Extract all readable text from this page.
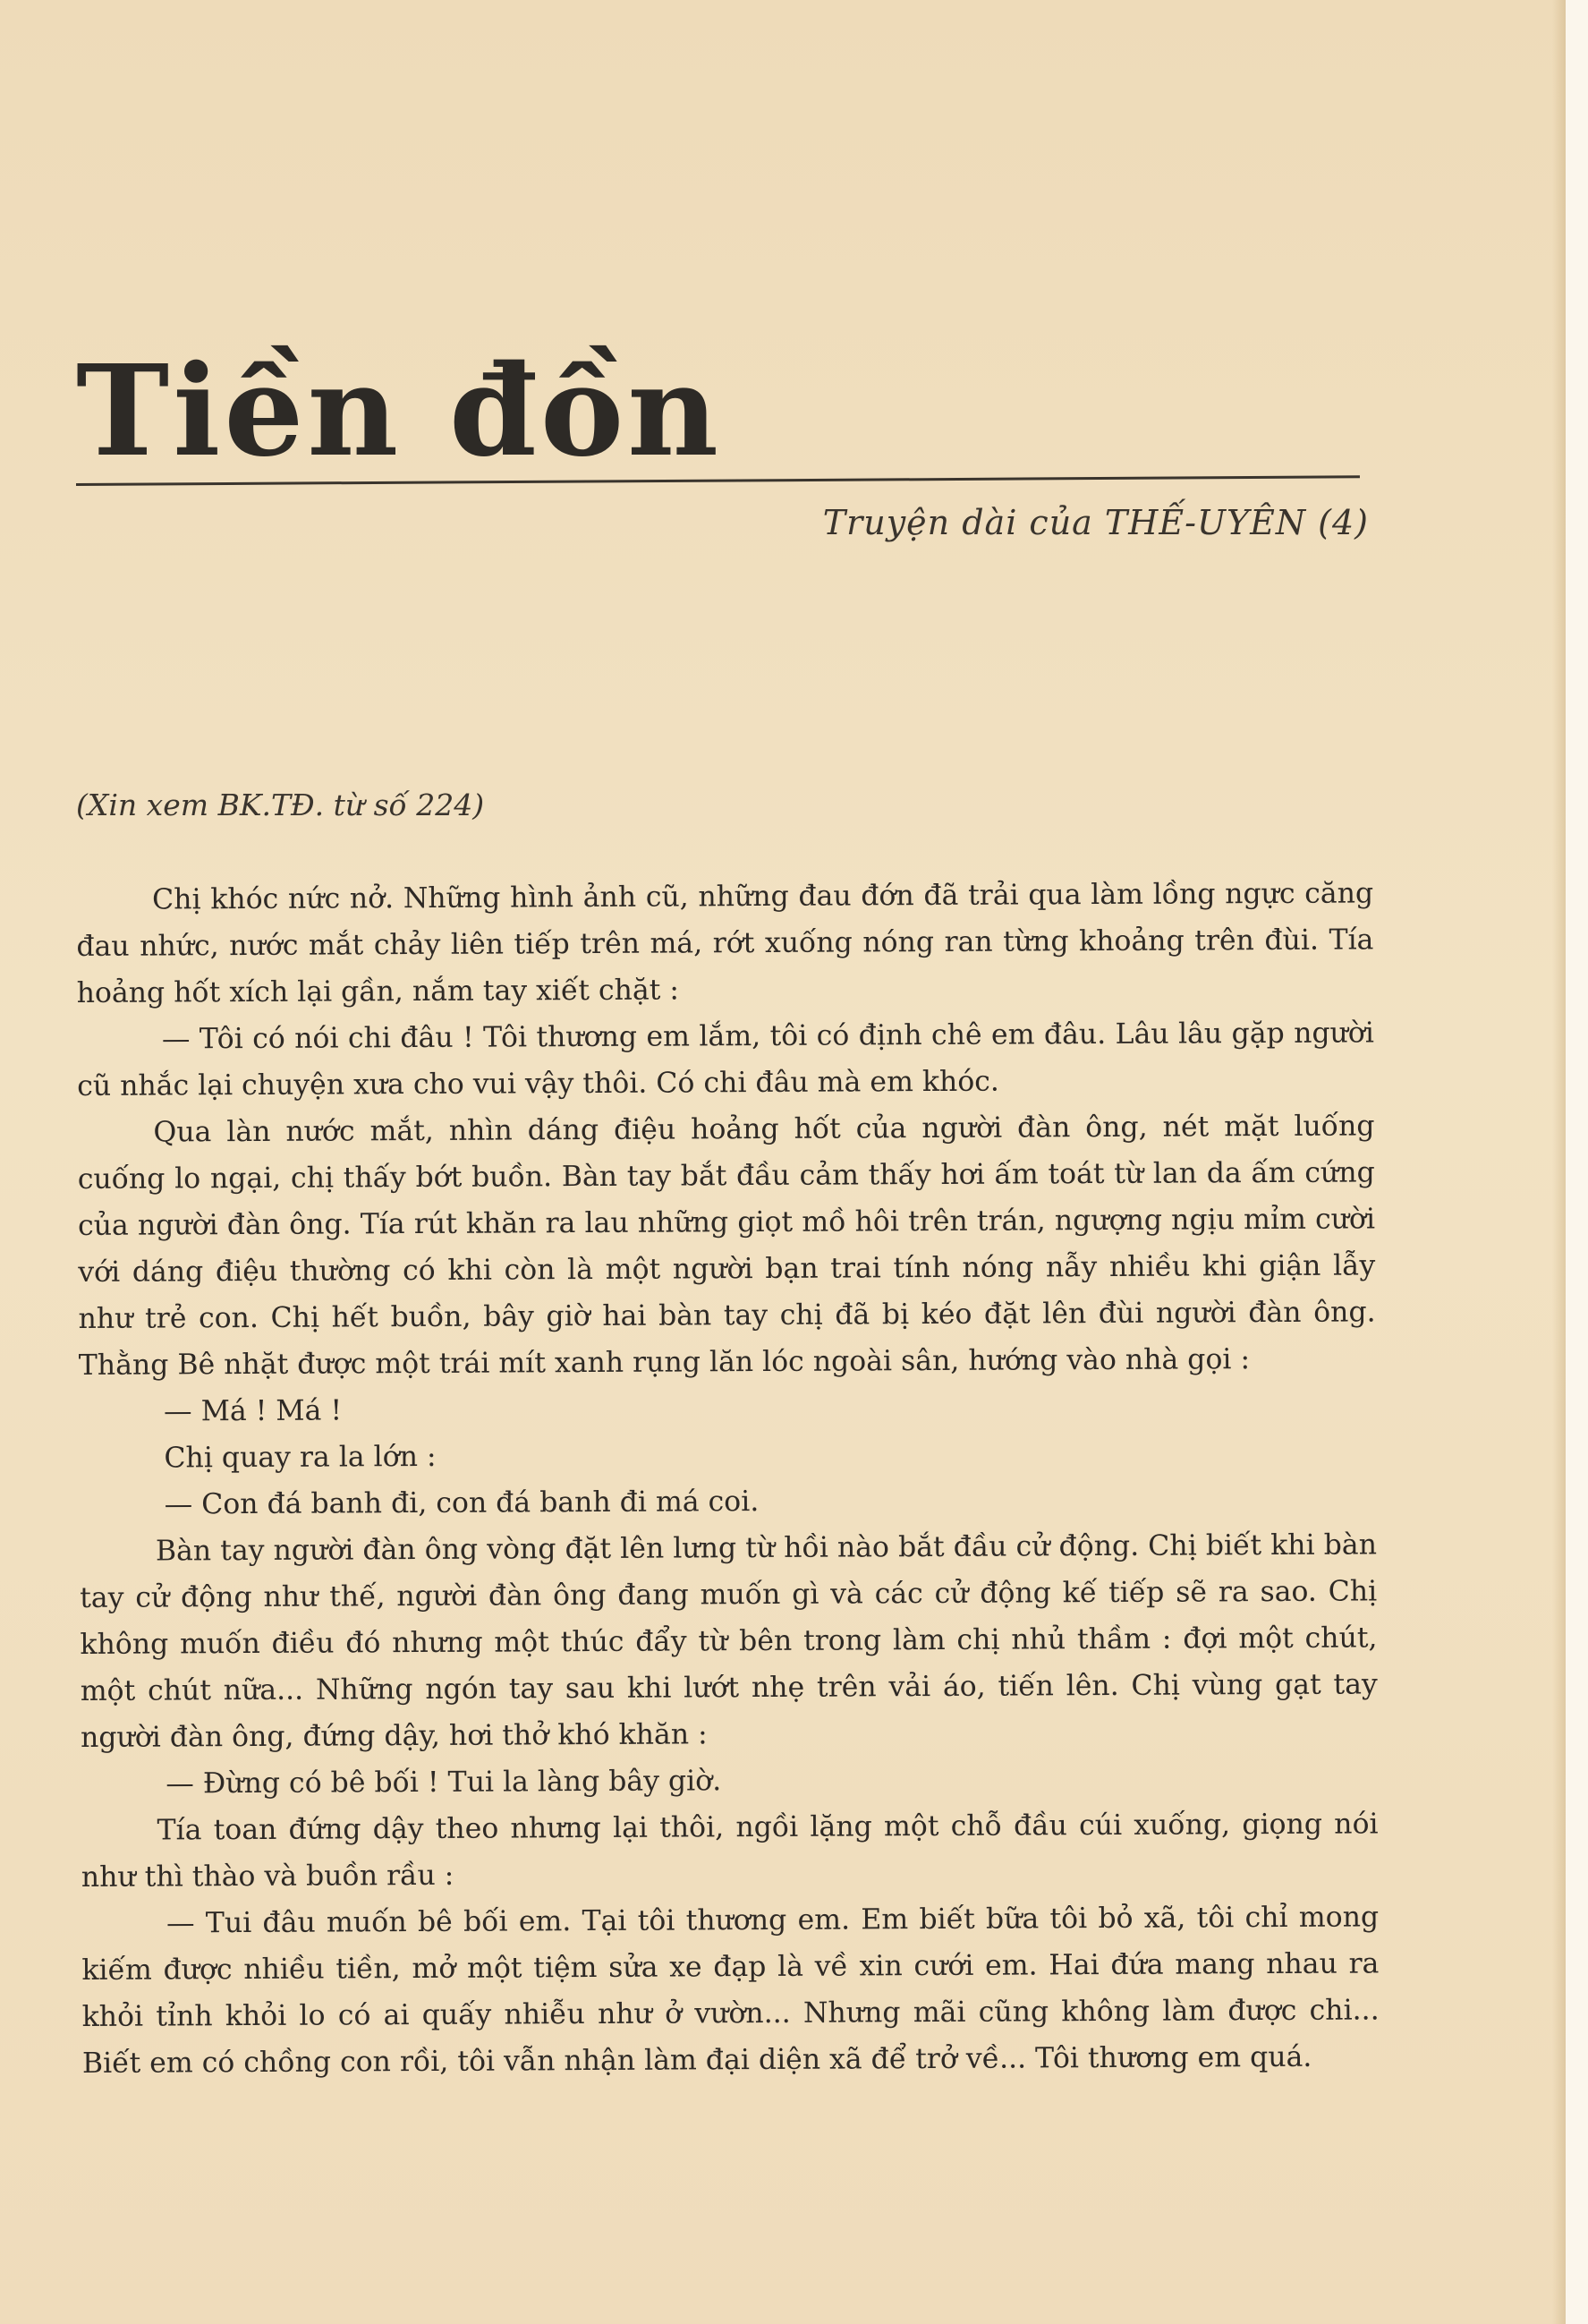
Tiền đồn
Truyện dài của THẾ-UYÊN (4)
(Xin xem BK.TĐ. từ số 224)

Chị khóc nức nở. Những hình ảnh cũ, những đau đớn đã trải qua làm lồng ngực căng đau nhức, nước mắt chảy liên tiếp trên má, rớt xuống nóng ran từng khoảng trên đùi. Tía hoảng hốt xích lại gần, nắm tay xiết chặt :

— Tôi có nói chi đâu ! Tôi thương em lắm, tôi có định chê em đâu. Lâu lâu gặp người cũ nhắc lại chuyện xưa cho vui vậy thôi. Có chi đâu mà em khóc.

Qua làn nước mắt, nhìn dáng điệu hoảng hốt của người đàn ông, nét mặt luống cuống lo ngại, chị thấy bớt buồn. Bàn tay bắt đầu cảm thấy hơi ấm toát từ lan da ấm cứng của người đàn ông. Tía rút khăn ra lau những giọt mồ hôi trên trán, ngượng ngịu mỉm cười với dáng điệu thường có khi còn là một người bạn trai tính nóng nẫy nhiều khi giận lẫy như trẻ con. Chị hết buồn, bây giờ hai bàn tay chị đã bị kéo đặt lên đùi người đàn ông. Thằng Bê nhặt được một trái mít xanh rụng lăn lóc ngoài sân, hướng vào nhà gọi :

— Má ! Má !

Chị quay ra la lớn :

— Con đá banh đi, con đá banh đi má coi.

Bàn tay người đàn ông vòng đặt lên lưng từ hồi nào bắt đầu cử động. Chị biết khi bàn tay cử động như thế, người đàn ông đang muốn gì và các cử động kế tiếp sẽ ra sao. Chị không muốn điều đó nhưng một thúc đẩy từ bên trong làm chị nhủ thầm : đợi một chút, một chút nữa... Những ngón tay sau khi lướt nhẹ trên vải áo, tiến lên. Chị vùng gạt tay người đàn ông, đứng dậy, hơi thở khó khăn :

— Đừng có bê bối ! Tui la làng bây giờ.

Tía toan đứng dậy theo nhưng lại thôi, ngồi lặng một chỗ đầu cúi xuống, giọng nói như thì thào và buồn rầu :

— Tui đâu muốn bê bối em. Tại tôi thương em. Em biết bữa tôi bỏ xã, tôi chỉ mong kiếm được nhiều tiền, mở một tiệm sửa xe đạp là về xin cưới em. Hai đứa mang nhau ra khỏi tỉnh khỏi lo có ai quấy nhiễu như ở vườn... Nhưng mãi cũng không làm được chi... Biết em có chồng con rồi, tôi vẫn nhận làm đại diện xã để trở về... Tôi thương em quá.
